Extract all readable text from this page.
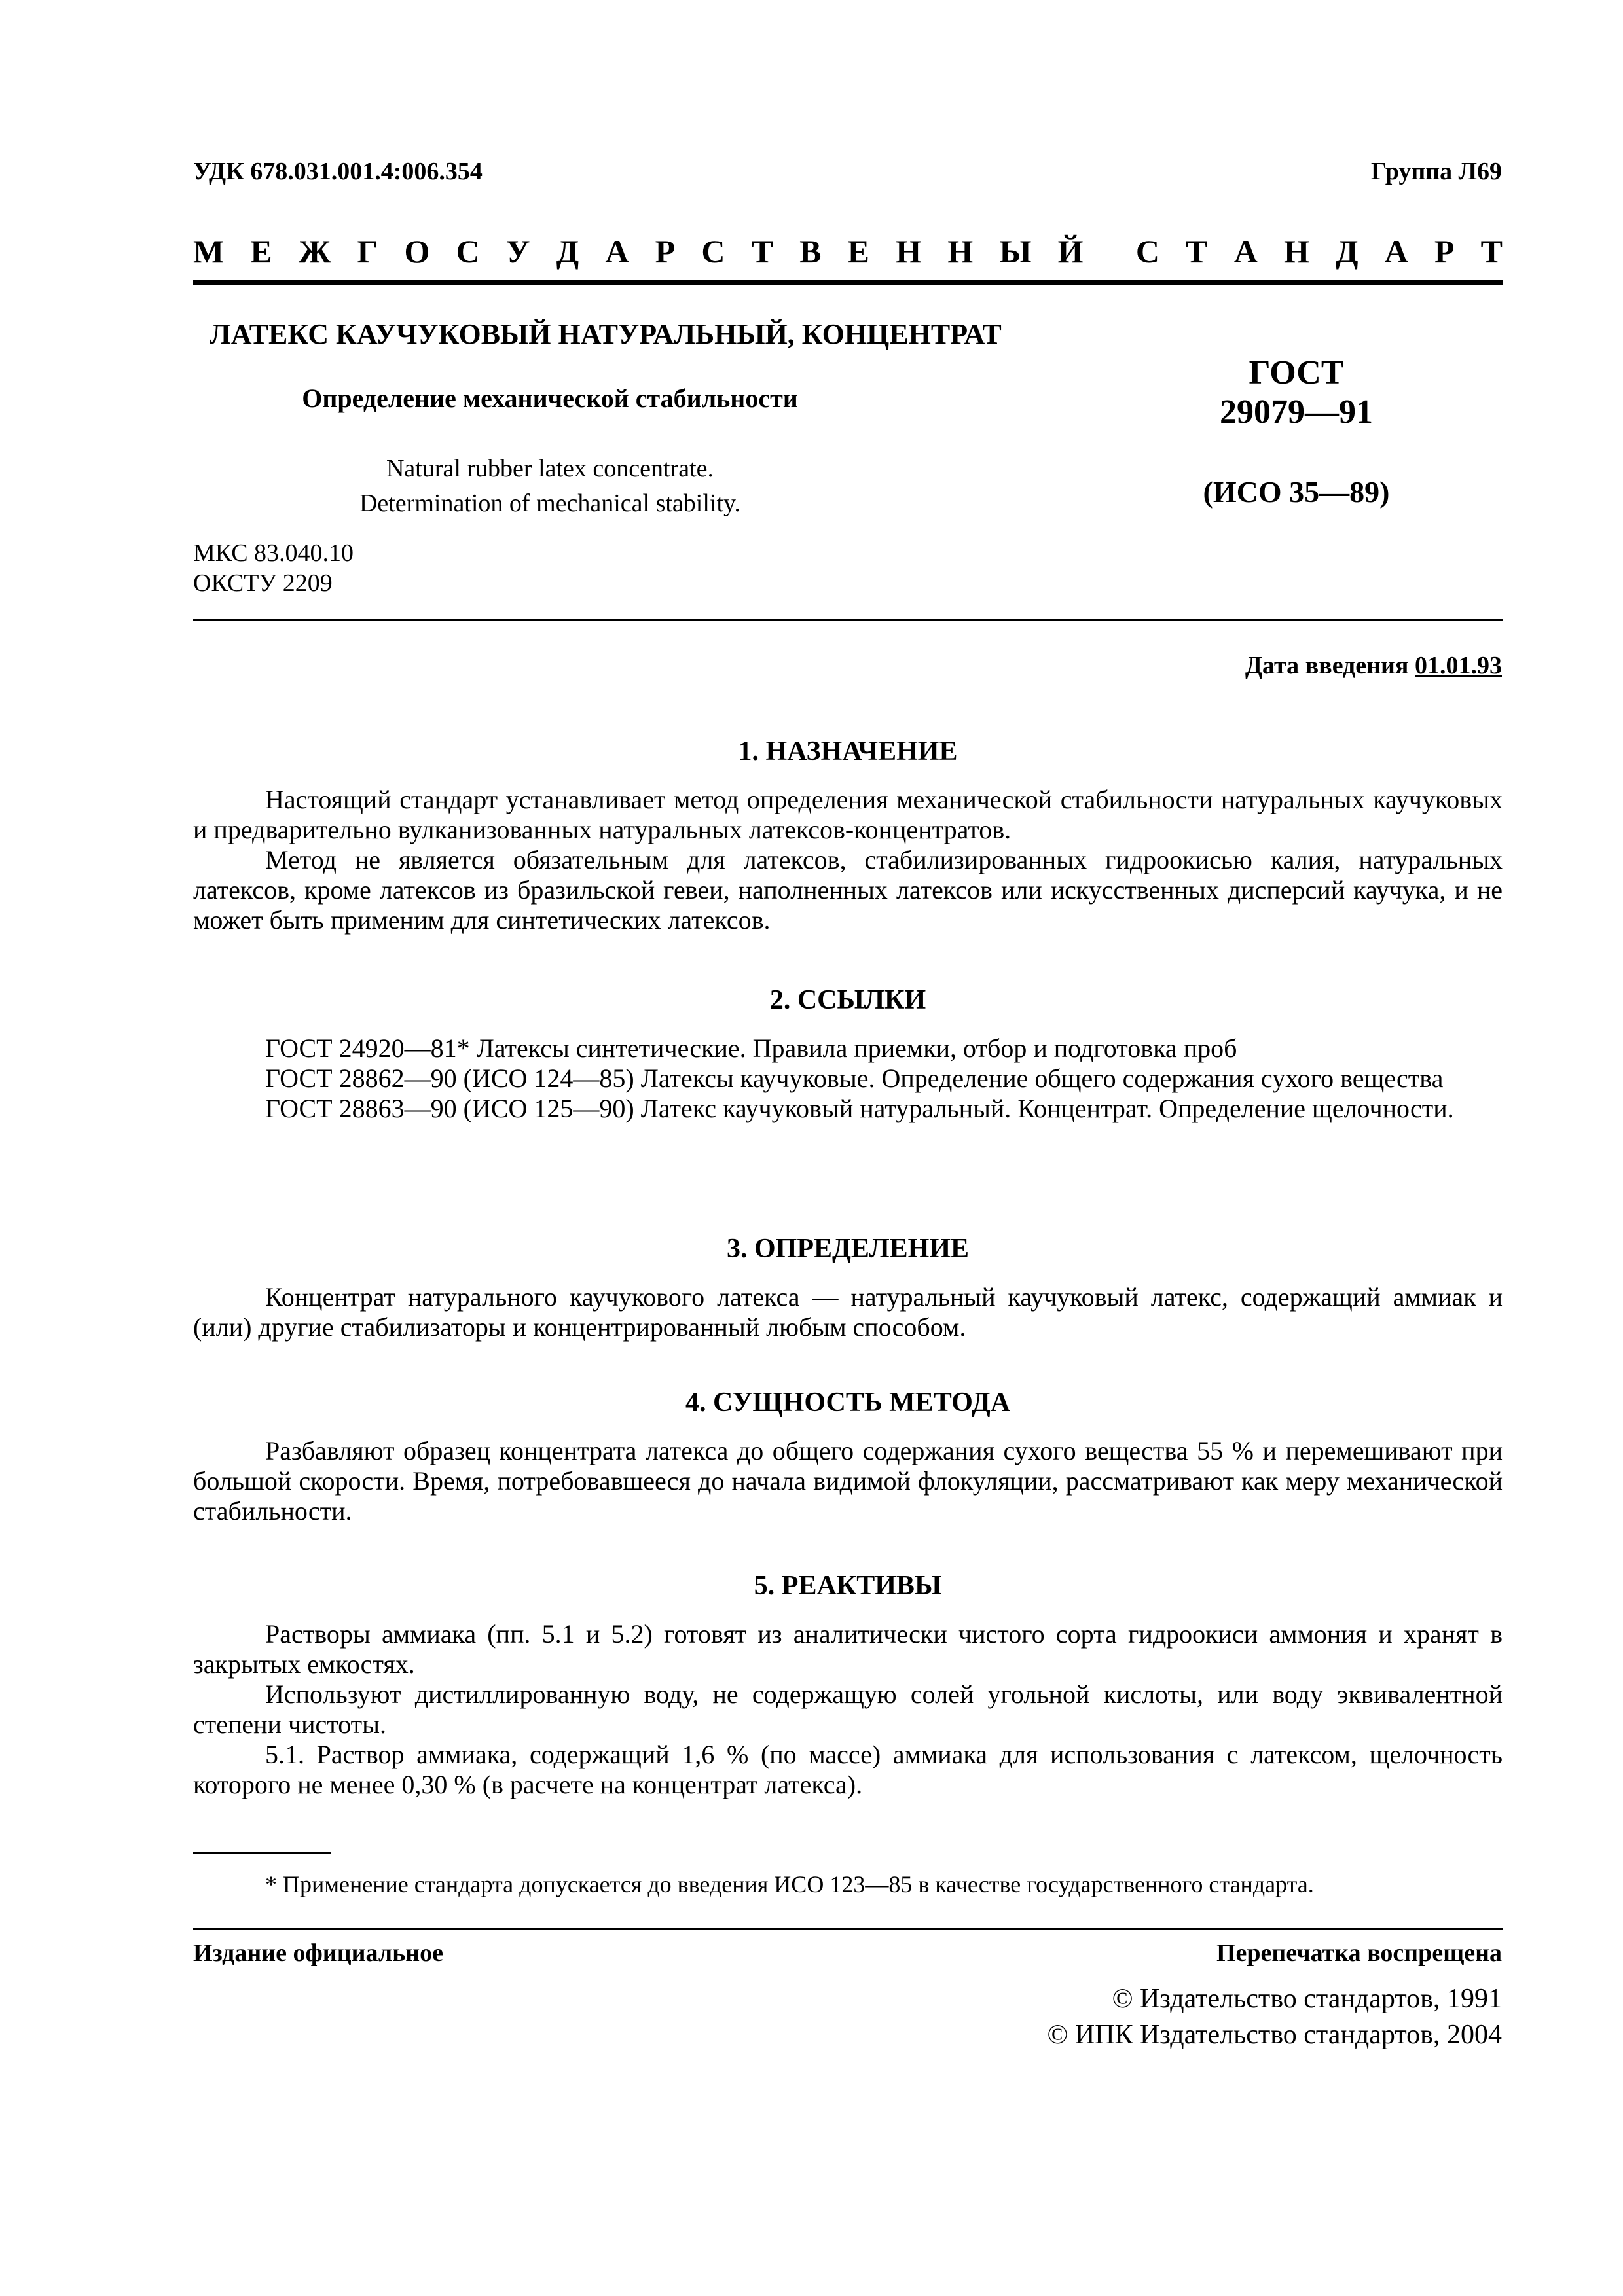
УДК 678.031.001.4:006.354	Группа Л69
М Е Ж Г О С У Д А Р С Т В Е Н Н Ы Й С Т А Н Д А Р Т
ЛАТЕКС КАУЧУКОВЫЙ НАТУРАЛЬНЫЙ, КОНЦЕНТРАТ
Определение механической стабильности
Natural rubber latex concentrate.
Determination of mechanical stability.
ГОСТ
29079—91
(ИСО 35—89)
МКС 83.040.10
ОКСТУ 2209
Дата введения 01.01.93
1. НАЗНАЧЕНИЕ

Настоящий стандарт устанавливает метод определения механической стабильности натуральных каучуковых и предварительно вулканизованных натуральных латексов-концентратов.

Метод не является обязательным для латексов, стабилизированных гидроокисью калия, натуральных латексов, кроме латексов из бразильской гевеи, наполненных латексов или искусственных дисперсий каучука, и не может быть применим для синтетических латексов.

2. ССЫЛКИ

ГОСТ 24920—81* Латексы синтетические. Правила приемки, отбор и подготовка проб

ГОСТ 28862—90 (ИСО 124—85) Латексы каучуковые. Определение общего содержания сухого вещества

ГОСТ 28863—90 (ИСО 125—90) Латекс каучуковый натуральный. Концентрат. Определение щелочности.

3. ОПРЕДЕЛЕНИЕ

Концентрат натурального каучукового латекса — натуральный каучуковый латекс, содержащий аммиак и (или) другие стабилизаторы и концентрированный любым способом.

4. СУЩНОСТЬ МЕТОДА

Разбавляют образец концентрата латекса до общего содержания сухого вещества 55 % и перемешивают при большой скорости. Время, потребовавшееся до начала видимой флокуляции, рассматривают как меру механической стабильности.

5. РЕАКТИВЫ

Растворы аммиака (пп. 5.1 и 5.2) готовят из аналитически чистого сорта гидроокиси аммония и хранят в закрытых емкостях.

Используют дистиллированную воду, не содержащую солей угольной кислоты, или воду эквивалентной степени чистоты.

5.1. Раствор аммиака, содержащий 1,6 % (по массе) аммиака для использования с латексом, щелочность которого не менее 0,30 % (в расчете на концентрат латекса).

* Применение стандарта допускается до введения ИСО 123—85 в качестве государственного стандарта.
Издание официальное	Перепечатка воспрещена
© Издательство стандартов, 1991
© ИПК Издательство стандартов, 2004
